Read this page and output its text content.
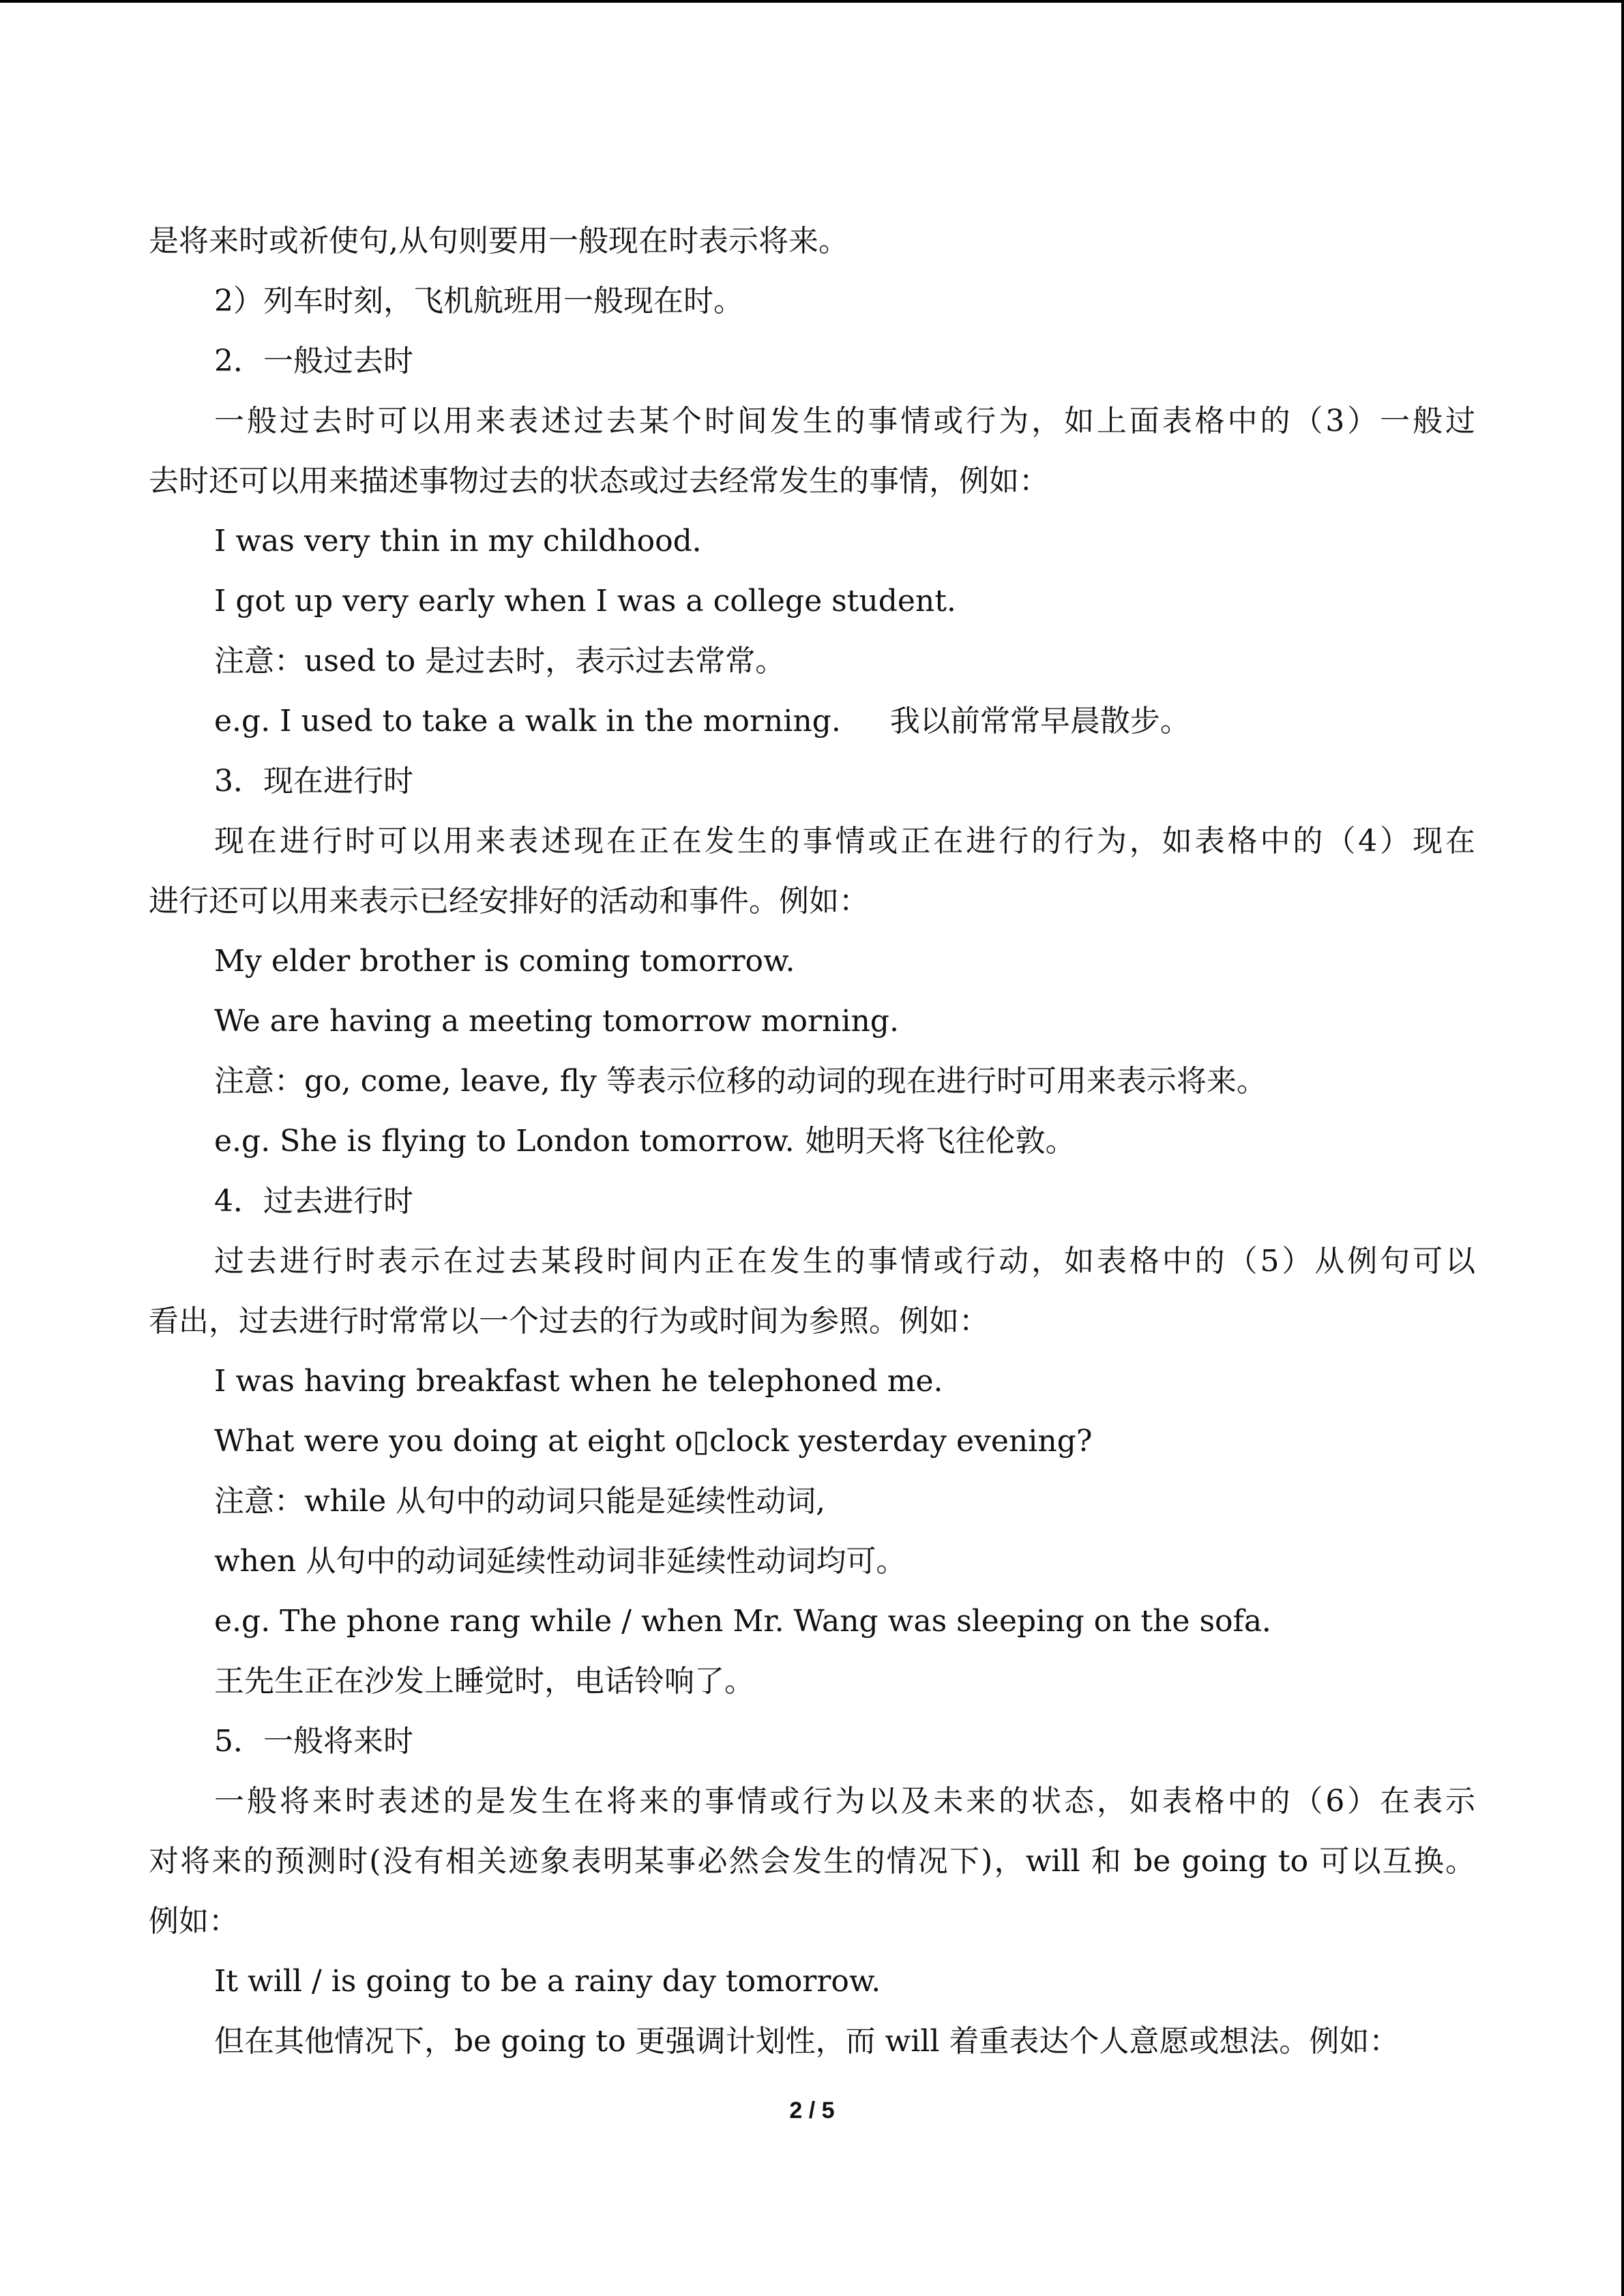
是将来时或祈使句,从句则要用一般现在时表示将来。
2）列车时刻，飞机航班用一般现在时。
2．一般过去时
一般过去时可以用来表述过去某个时间发生的事情或行为，如上面表格中的（3）一般过
去时还可以用来描述事物过去的状态或过去经常发生的事情，例如：
I was very thin in my childhood．
I got up very early when I was a college student.
注意：used to 是过去时，表示过去常常。
e.g. I used to take a walk in the morning. 我以前常常早晨散步。
3．现在进行时
现在进行时可以用来表述现在正在发生的事情或正在进行的行为，如表格中的（4）现在
进行还可以用来表示已经安排好的活动和事件。例如：
My elder brother is coming tomorrow.
We are having a meeting tomorrow morning.
注意：go, come, leave, fly 等表示位移的动词的现在进行时可用来表示将来。
e.g. She is flying to London tomorrow. 她明天将飞往伦敦。
4．过去进行时
过去进行时表示在过去某段时间内正在发生的事情或行动，如表格中的（5）从例句可以
看出，过去进行时常常以一个过去的行为或时间为参照。例如：
I was having breakfast when he telephoned me.
What were you doing at eight o▯clock yesterday evening?
注意：while 从句中的动词只能是延续性动词,
when 从句中的动词延续性动词非延续性动词均可。
e.g. The phone rang while / when Mr. Wang was sleeping on the sofa．
王先生正在沙发上睡觉时，电话铃响了。
5．一般将来时
一般将来时表述的是发生在将来的事情或行为以及未来的状态，如表格中的（6）在表示
对将来的预测时(没有相关迹象表明某事必然会发生的情况下)，will 和 be going to 可以互换。
例如：
It will / is going to be a rainy day tomorrow.
但在其他情况下，be going to 更强调计划性，而 will 着重表达个人意愿或想法。例如：
2 / 5
